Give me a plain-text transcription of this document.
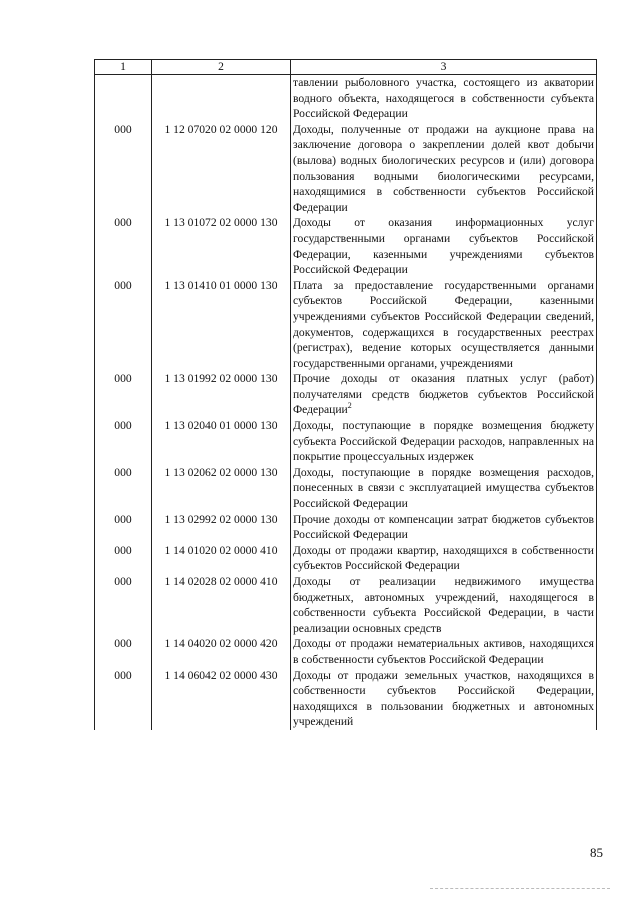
1	2	3
		тавлении рыболовного участка, состоящего из акватории водного объекта, находящегося в собственности субъекта Российской Федерации
000	1 12 07020 02 0000 120	Доходы, полученные от продажи на аукционе права на заключение договора о закреплении долей квот добычи (вылова) водных биологических ресурсов и (или) договора пользования водными биологическими ресурсами, находящимися в собственности субъектов Российской Федерации
000	1 13 01072 02 0000 130	Доходы от оказания информационных услуг государственными органами субъектов Российской Федерации, казенными учреждениями субъектов Российской Федерации
000	1 13 01410 01 0000 130	Плата за предоставление государственными органами субъектов Российской Федерации, казенными учреждениями субъектов Российской Федерации сведений, документов, содержащихся в государственных реестрах (регистрах), ведение которых осуществляется данными государственными органами, учреждениями
000	1 13 01992 02 0000 130	Прочие доходы от оказания платных услуг (работ) получателями средств бюджетов субъектов Российской Федерации$^2$
000	1 13 02040 01 0000 130	Доходы, поступающие в порядке возмещения бюджету субъекта Российской Федерации расходов, направленных на покрытие процессуальных издержек
000	1 13 02062 02 0000 130	Доходы, поступающие в порядке возмещения расходов, понесенных в связи с эксплуатацией имущества субъектов Российской Федерации
000	1 13 02992 02 0000 130	Прочие доходы от компенсации затрат бюджетов субъектов Российской Федерации
000	1 14 01020 02 0000 410	Доходы от продажи квартир, находящихся в собственности субъектов Российской Федерации
000	1 14 02028 02 0000 410	Доходы от реализации недвижимого имущества бюджетных, автономных учреждений, находящегося в собственности субъекта Российской Федерации, в части реализации основных средств
000	1 14 04020 02 0000 420	Доходы от продажи нематериальных активов, находящихся в собственности субъектов Российской Федерации
000	1 14 06042 02 0000 430	Доходы от продажи земельных участков, находящихся в собственности субъектов Российской Федерации, находящихся в пользовании бюджетных и автономных учреждений
85
